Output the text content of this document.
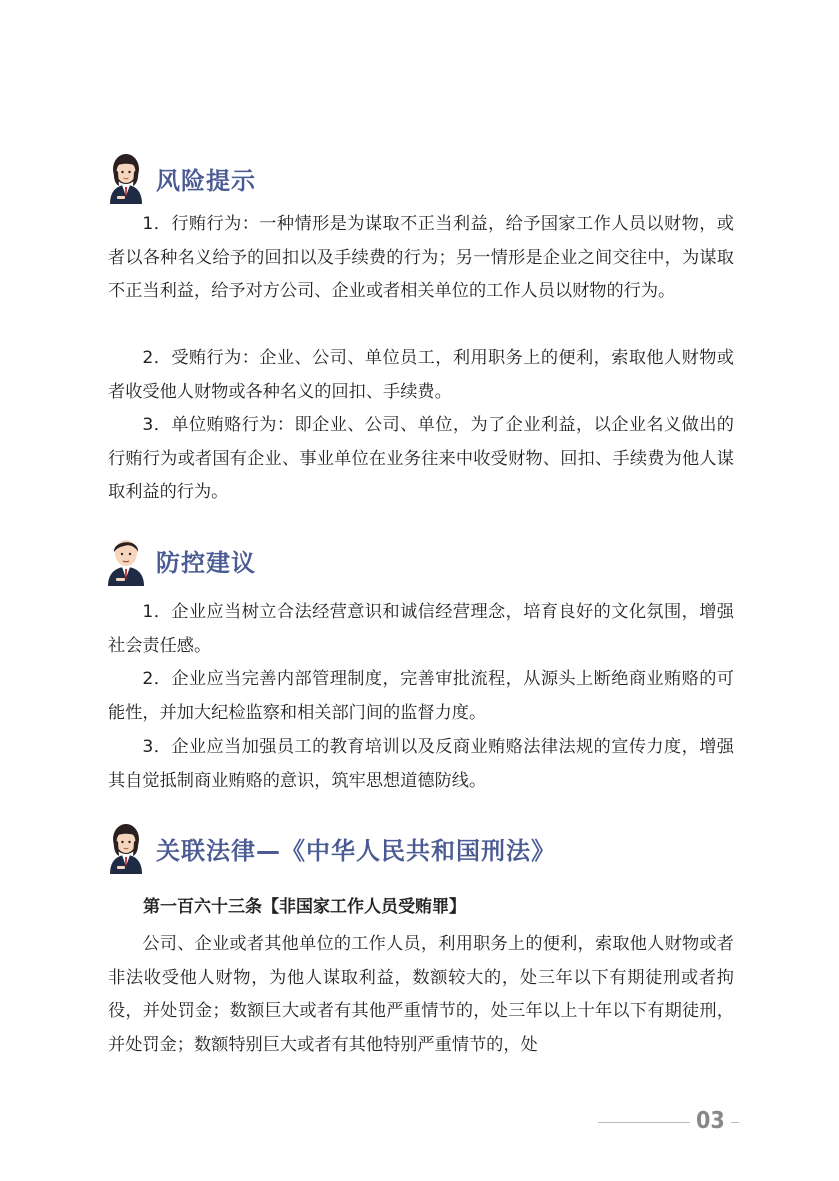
风险提示

1．行贿行为：一种情形是为谋取不正当利益，给予国家工作人员以财物，或者以各种名义给予的回扣以及手续费的行为；另一情形是企业之间交往中，为谋取不正当利益，给予对方公司、企业或者相关单位的工作人员以财物的行为。

2．受贿行为：企业、公司、单位员工，利用职务上的便利，索取他人财物或者收受他人财物或各种名义的回扣、手续费。

3．单位贿赂行为：即企业、公司、单位，为了企业利益，以企业名义做出的行贿行为或者国有企业、事业单位在业务往来中收受财物、回扣、手续费为他人谋取利益的行为。

防控建议

1．企业应当树立合法经营意识和诚信经营理念，培育良好的文化氛围，增强社会责任感。

2．企业应当完善内部管理制度，完善审批流程，从源头上断绝商业贿赂的可能性，并加大纪检监察和相关部门间的监督力度。

3．企业应当加强员工的教育培训以及反商业贿赂法律法规的宣传力度，增强其自觉抵制商业贿赂的意识，筑牢思想道德防线。

关联法律—《中华人民共和国刑法》
第一百六十三条【非国家工作人员受贿罪】

公司、企业或者其他单位的工作人员，利用职务上的便利，索取他人财物或者非法收受他人财物，为他人谋取利益，数额较大的，处三年以下有期徒刑或者拘役，并处罚金；数额巨大或者有其他严重情节的，处三年以上十年以下有期徒刑，并处罚金；数额特别巨大或者有其他特别严重情节的，处

03
